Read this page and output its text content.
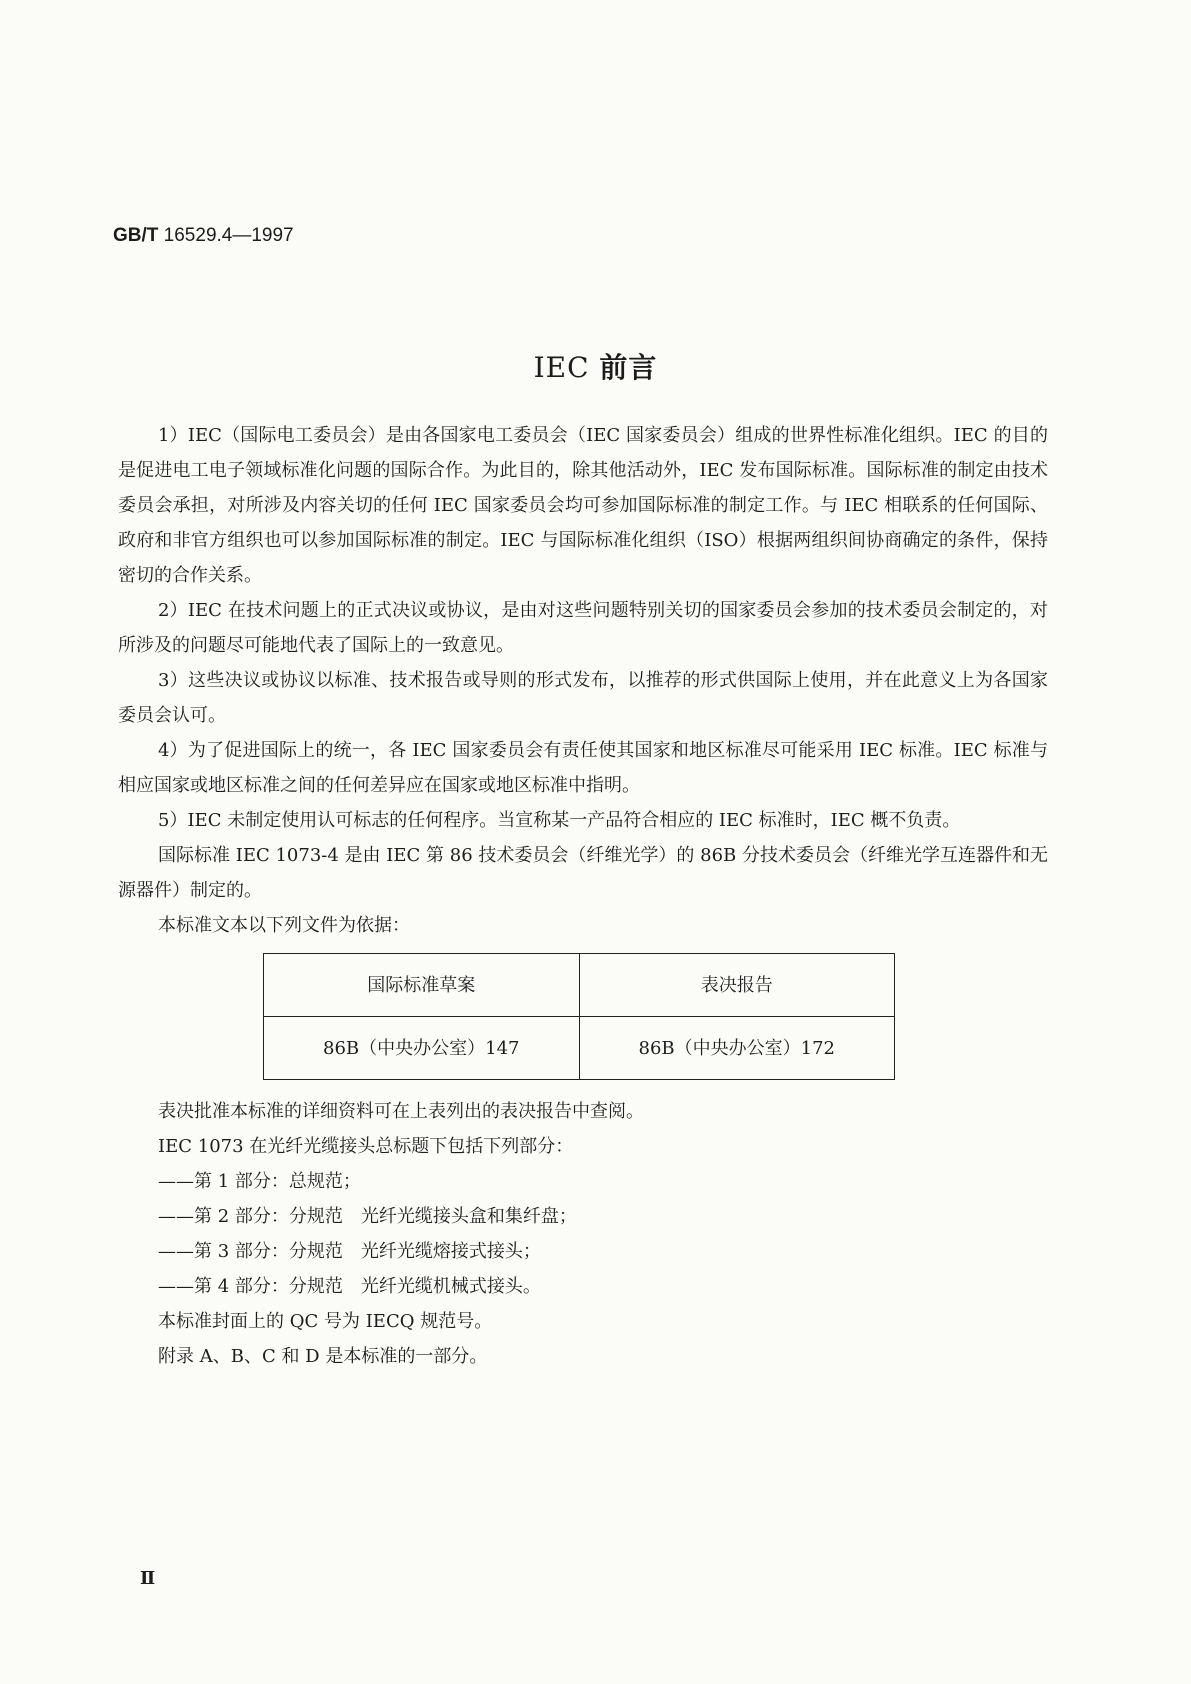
GB/T 16529.4—1997
IEC 前言

1）IEC（国际电工委员会）是由各国家电工委员会（IEC 国家委员会）组成的世界性标准化组织。IEC 的目的是促进电工电子领域标准化问题的国际合作。为此目的，除其他活动外，IEC 发布国际标准。国际标准的制定由技术委员会承担，对所涉及内容关切的任何 IEC 国家委员会均可参加国际标准的制定工作。与 IEC 相联系的任何国际、政府和非官方组织也可以参加国际标准的制定。IEC 与国际标准化组织（ISO）根据两组织间协商确定的条件，保持密切的合作关系。

2）IEC 在技术问题上的正式决议或协议，是由对这些问题特别关切的国家委员会参加的技术委员会制定的，对所涉及的问题尽可能地代表了国际上的一致意见。

3）这些决议或协议以标准、技术报告或导则的形式发布，以推荐的形式供国际上使用，并在此意义上为各国家委员会认可。

4）为了促进国际上的统一，各 IEC 国家委员会有责任使其国家和地区标准尽可能采用 IEC 标准。IEC 标准与相应国家或地区标准之间的任何差异应在国家或地区标准中指明。

5）IEC 未制定使用认可标志的任何程序。当宣称某一产品符合相应的 IEC 标准时，IEC 概不负责。

国际标准 IEC 1073-4 是由 IEC 第 86 技术委员会（纤维光学）的 86B 分技术委员会（纤维光学互连器件和无源器件）制定的。

本标准文本以下列文件为依据：

国际标准草案	表决报告
86B（中央办公室）147	86B（中央办公室）172
表决批准本标准的详细资料可在上表列出的表决报告中查阅。
IEC 1073 在光纤光缆接头总标题下包括下列部分：
——第 1 部分：总规范；
——第 2 部分：分规范　光纤光缆接头盒和集纤盘；
——第 3 部分：分规范　光纤光缆熔接式接头；
——第 4 部分：分规范　光纤光缆机械式接头。
本标准封面上的 QC 号为 IECQ 规范号。
附录 A、B、C 和 D 是本标准的一部分。
Ⅱ
